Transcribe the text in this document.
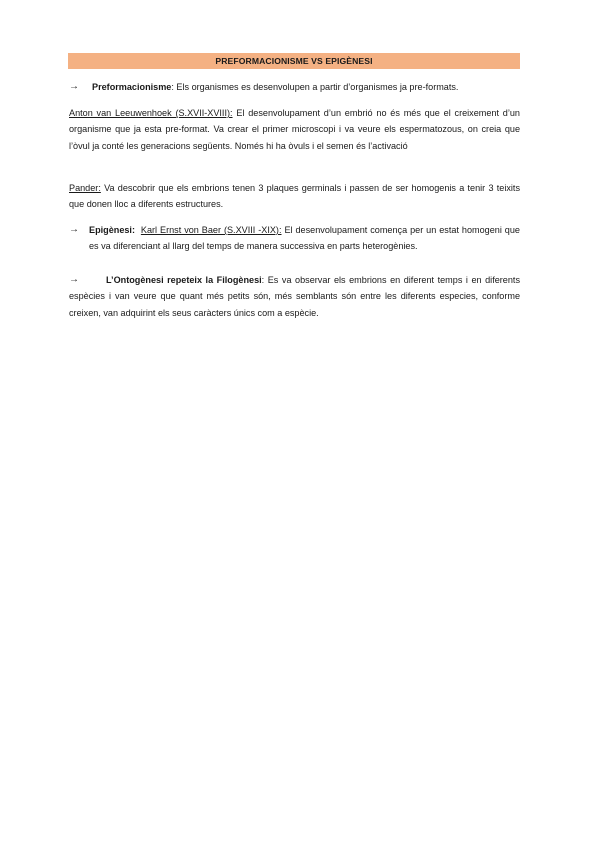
PREFORMACIONISME VS EPIGÈNESI
→ Preformacionisme: Els organismes es desenvolupen a partir d’organismes ja pre-formats.
Anton van Leeuwenhoek (S.XVII-XVIII): El desenvolupament d’un embrió no és més que el creixement d’un organisme que ja esta pre-format. Va crear el primer microscopi i va veure els espermatozous, on creia que l’òvul ja conté les generacions següents. Només hi ha òvuls i el semen és l’activació
Pander: Va descobrir que els embrions tenen 3 plaques germinals i passen de ser homogenis a tenir 3 teixits que donen lloc a diferents estructures.
→ Epigènesi: Karl Ernst von Baer (S.XVIII -XIX): El desenvolupament comença per un estat homogeni que es va diferenciant al llarg del temps de manera successiva en parts heterogènies.
→	L’Ontogènesi repeteix la Filogènesi: Es va observar els embrions en diferent temps i en diferents espècies i van veure que quant més petits són, més semblants són entre les diferents especies, conforme creixen, van adquirint els seus caràcters únics com a espècie.
